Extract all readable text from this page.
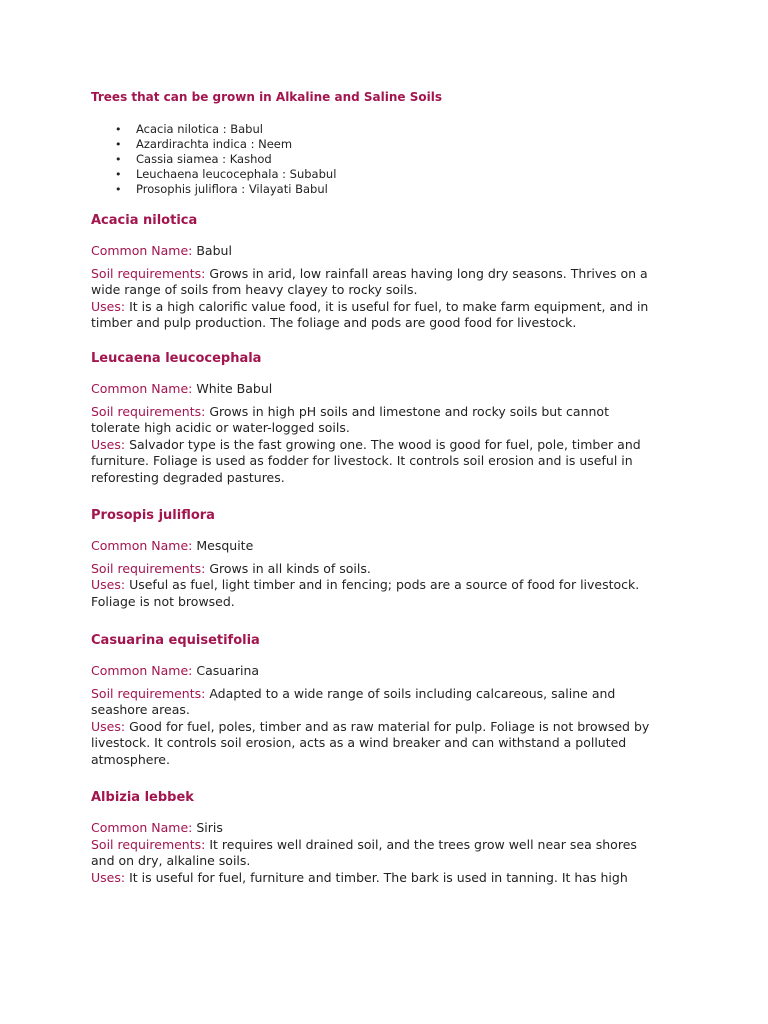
Trees that can be grown in Alkaline and Saline Soils
• Acacia nilotica : Babul
• Azardirachta indica : Neem
• Cassia siamea : Kashod
• Leuchaena leucocephala : Subabul
• Prosophis juliflora : Vilayati Babul
Acacia nilotica

Common Name: Babul

Soil requirements: Grows in arid, low rainfall areas having long dry seasons. Thrives on a wide range of soils from heavy clayey to rocky soils.

Uses: It is a high calorific value food, it is useful for fuel, to make farm equipment, and in timber and pulp production. The foliage and pods are good food for livestock.

Leucaena leucocephala

Common Name: White Babul

Soil requirements: Grows in high pH soils and limestone and rocky soils but cannot tolerate high acidic or water-logged soils.

Uses: Salvador type is the fast growing one. The wood is good for fuel, pole, timber and furniture. Foliage is used as fodder for livestock. It controls soil erosion and is useful in reforesting degraded pastures.

Prosopis juliflora

Common Name: Mesquite

Soil requirements: Grows in all kinds of soils.

Uses: Useful as fuel, light timber and in fencing; pods are a source of food for livestock. Foliage is not browsed.

Casuarina equisetifolia

Common Name: Casuarina

Soil requirements: Adapted to a wide range of soils including calcareous, saline and seashore areas.

Uses: Good for fuel, poles, timber and as raw material for pulp. Foliage is not browsed by livestock. It controls soil erosion, acts as a wind breaker and can withstand a polluted atmosphere.

Albizia lebbek

Common Name: Siris

Soil requirements: It requires well drained soil, and the trees grow well near sea shores and on dry, alkaline soils.

Uses: It is useful for fuel, furniture and timber. The bark is used in tanning. It has high
